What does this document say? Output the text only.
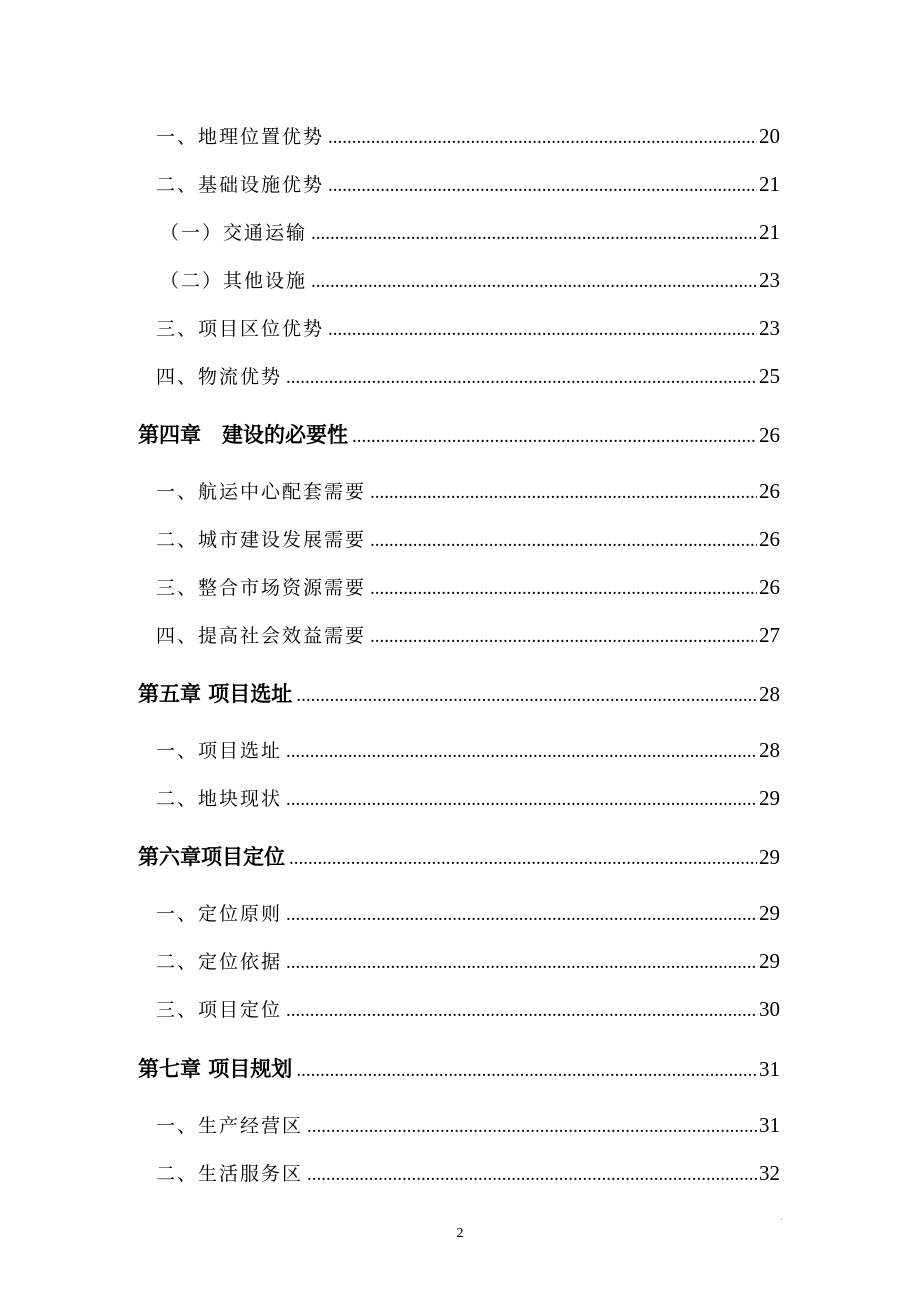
一、地理位置优势 .....	20
二、基础设施优势 .....	21
（一）交通运输 .....	21
（二）其他设施 .....	23
三、项目区位优势 .....	23
四、物流优势 .....	25
第四章　建设的必要性 .....	26
一、航运中心配套需要 .....	26
二、城市建设发展需要 .....	26
三、整合市场资源需要 .....	26
四、提高社会效益需要 .....	27
第五章 项目选址 .....	28
一、项目选址 .....	28
二、地块现状 .....	29
第六章项目定位 .....	29
一、定位原则 .....	29
二、定位依据 .....	29
三、项目定位 .....	30
第七章 项目规划 .....	31
一、生产经营区 .....	31
二、生活服务区 .....	32
.
2
